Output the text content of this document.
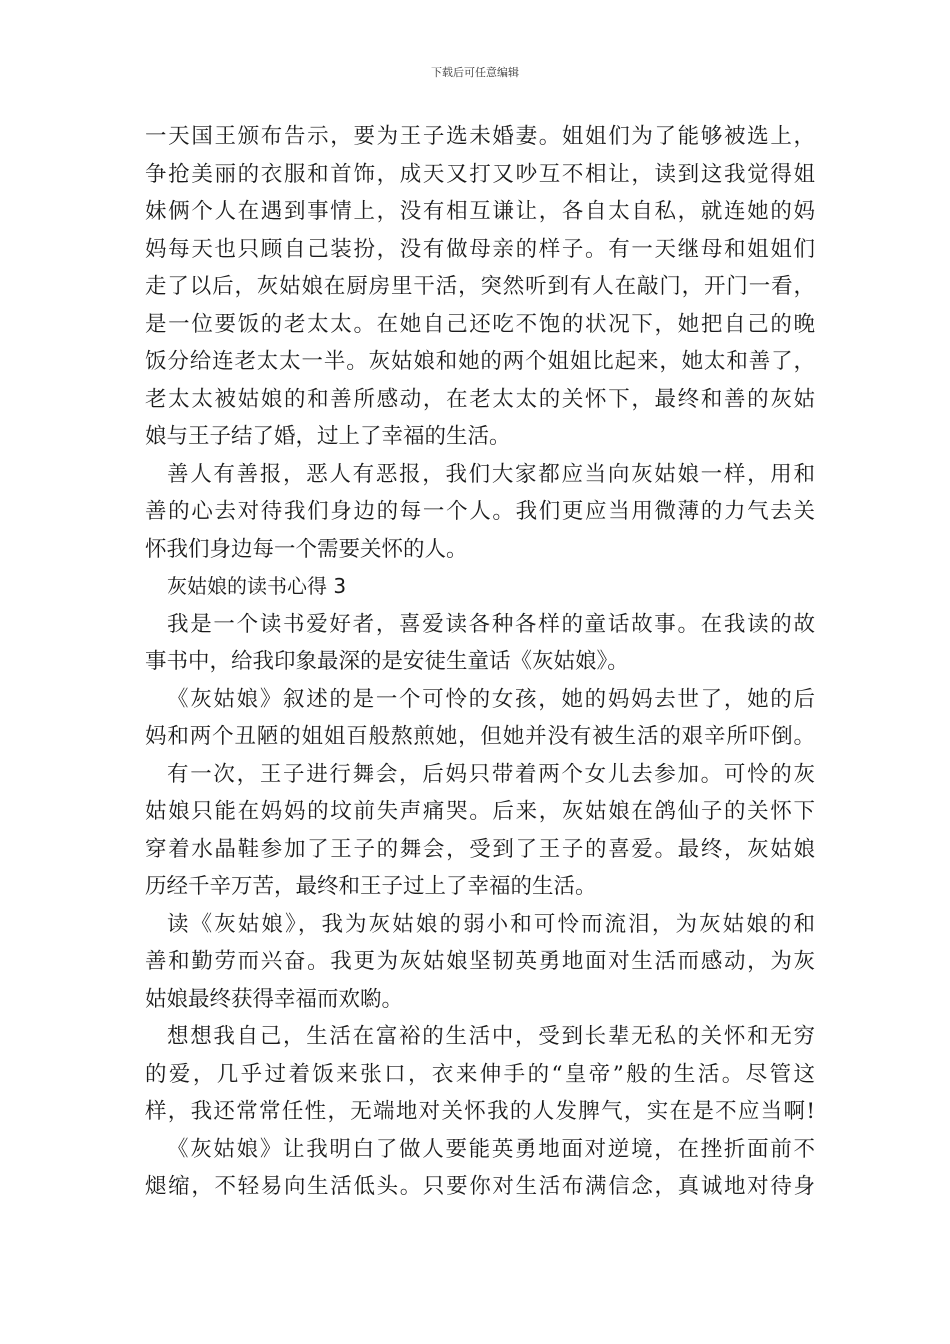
下载后可任意编辑
一天国王颁布告示，要为王子选未婚妻。姐姐们为了能够被选上，
争抢美丽的衣服和首饰，成天又打又吵互不相让，读到这我觉得姐
妹俩个人在遇到事情上，没有相互谦让，各自太自私，就连她的妈
妈每天也只顾自己装扮，没有做母亲的样子。有一天继母和姐姐们
走了以后，灰姑娘在厨房里干活，突然听到有人在敲门，开门一看，
是一位要饭的老太太。在她自己还吃不饱的状况下，她把自己的晚
饭分给连老太太一半。灰姑娘和她的两个姐姐比起来，她太和善了，
老太太被姑娘的和善所感动，在老太太的关怀下，最终和善的灰姑
娘与王子结了婚，过上了幸福的生活。
善人有善报，恶人有恶报，我们大家都应当向灰姑娘一样，用和
善的心去对待我们身边的每一个人。我们更应当用微薄的力气去关
怀我们身边每一个需要关怀的人。
灰姑娘的读书心得 3
我是一个读书爱好者，喜爱读各种各样的童话故事。在我读的故
事书中，给我印象最深的是安徒生童话《灰姑娘》。
《灰姑娘》叙述的是一个可怜的女孩，她的妈妈去世了，她的后
妈和两个丑陋的姐姐百般熬煎她，但她并没有被生活的艰辛所吓倒。
有一次，王子进行舞会，后妈只带着两个女儿去参加。可怜的灰
姑娘只能在妈妈的坟前失声痛哭。后来，灰姑娘在鸽仙子的关怀下
穿着水晶鞋参加了王子的舞会，受到了王子的喜爱。最终，灰姑娘
历经千辛万苦，最终和王子过上了幸福的生活。
读《灰姑娘》，我为灰姑娘的弱小和可怜而流泪，为灰姑娘的和
善和勤劳而兴奋。我更为灰姑娘坚韧英勇地面对生活而感动，为灰
姑娘最终获得幸福而欢喲。
想想我自己，生活在富裕的生活中，受到长辈无私的关怀和无穷
的爱，几乎过着饭来张口，衣来伸手的“皇帝”般的生活。尽管这
样，我还常常任性，无端地对关怀我的人发脾气，实在是不应当啊!
《灰姑娘》让我明白了做人要能英勇地面对逆境，在挫折面前不
煺缩，不轻易向生活低头。只要你对生活布满信念，真诚地对待身
